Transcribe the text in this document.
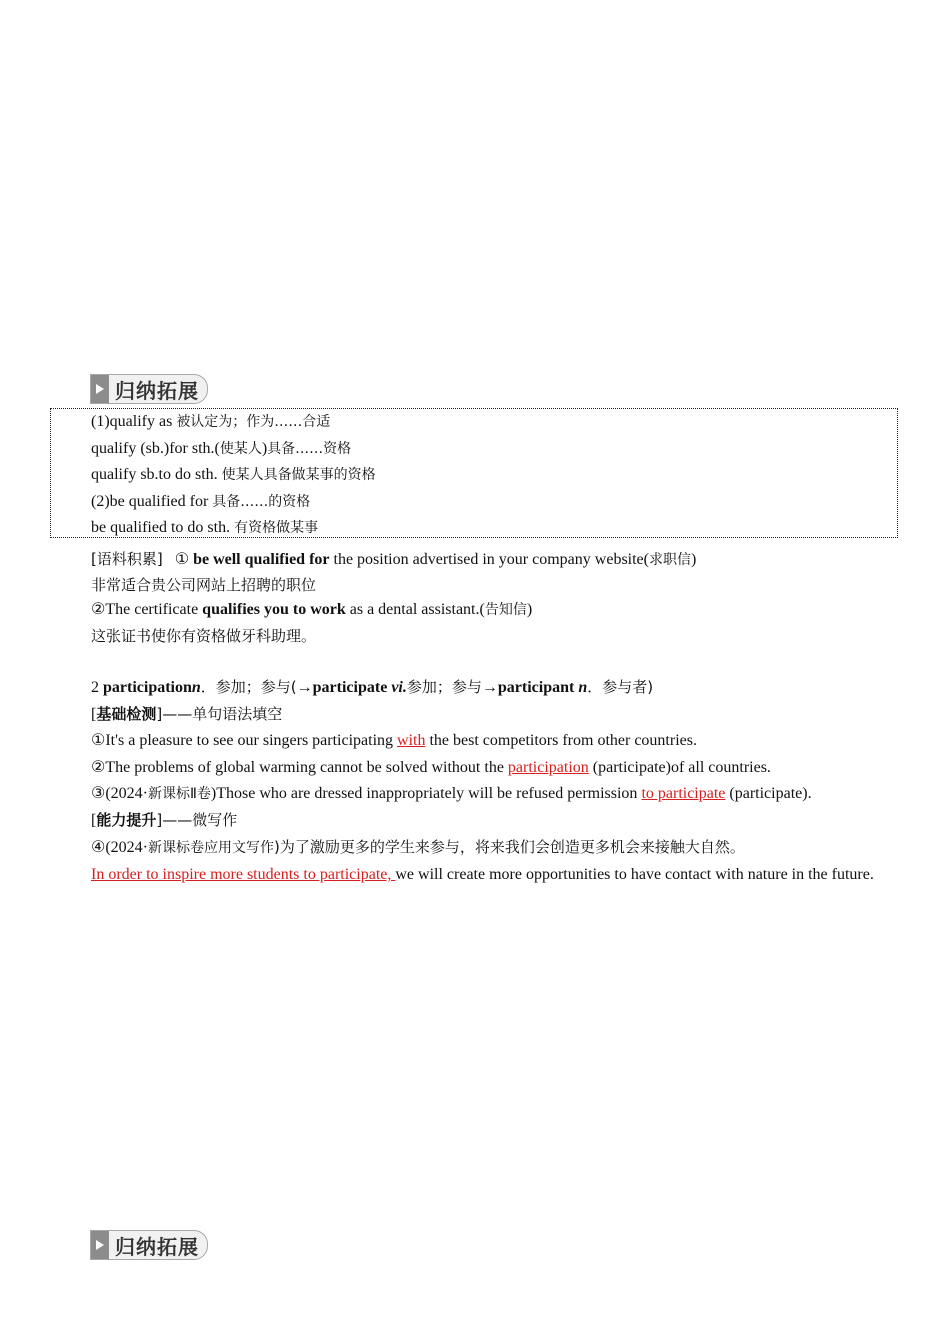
归纳拓展
(1)qualify as 被认定为；作为……合适
qualify (sb.)for sth.(使某人)具备……资格
qualify sb.to do sth. 使某人具备做某事的资格
(2)be qualified for 具备……的资格
be qualified to do sth. 有资格做某事
[语料积累] ① be well qualified for the position advertised in your company website(求职信)
非常适合贵公司网站上招聘的职位
②The certificate qualifies you to work as a dental assistant.(告知信)
这张证书使你有资格做牙科助理。
2 participationn．参加；参与(→participate vi.参加；参与→participant n．参与者)
[基础检测]——单句语法填空
①It's a pleasure to see our singers participating with the best competitors from other countries.
②The problems of global warming cannot be solved without the participation (participate)of all countries.
③(2024·新课标Ⅱ卷)Those who are dressed inappropriately will be refused permission to participate (participate).
[能力提升]——微写作
④(2024·新课标卷应用文写作)为了激励更多的学生来参与，将来我们会创造更多机会来接触大自然。
In order to inspire more students to participate, we will create more opportunities to have contact with nature in the future.
归纳拓展
